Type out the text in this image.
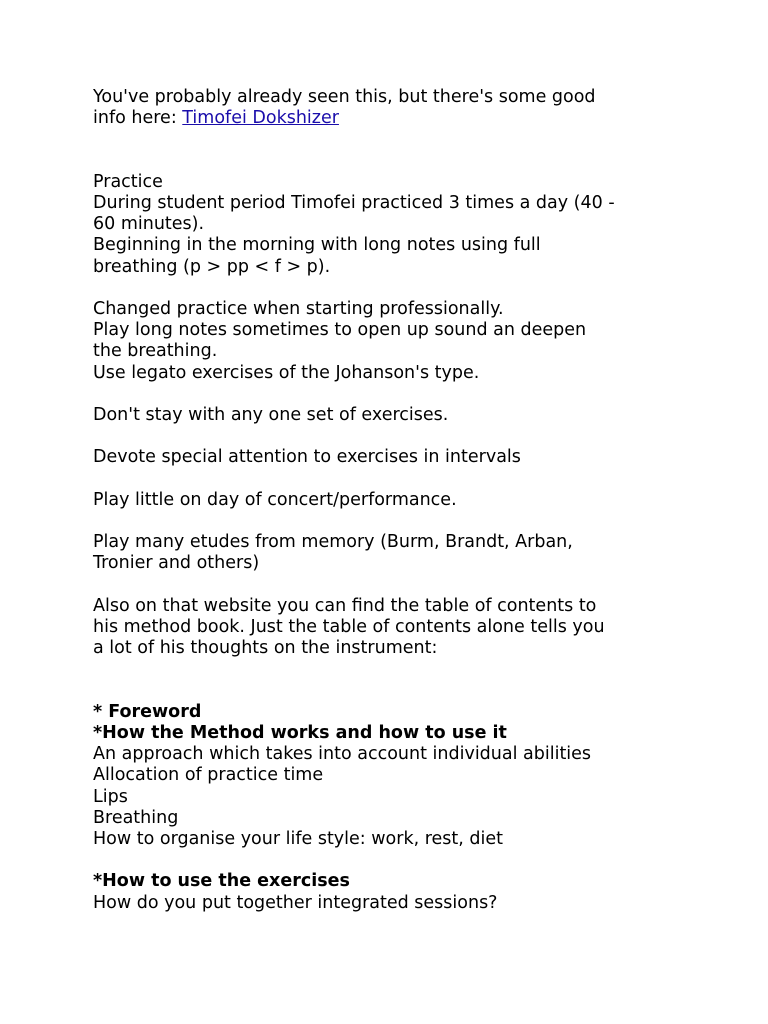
You've probably already seen this, but there's some good

info here: Timofei Dokshizer

Practice

During student period Timofei practiced 3 times a day (40 -

60 minutes).

Beginning in the morning with long notes using full

breathing (p > pp < f > p).

Changed practice when starting professionally.

Play long notes sometimes to open up sound an deepen

the breathing.

Use legato exercises of the Johanson's type.

Don't stay with any one set of exercises.

Devote special attention to exercises in intervals

Play little on day of concert/performance.

Play many etudes from memory (Burm, Brandt, Arban,

Tronier and others)

Also on that website you can find the table of contents to

his method book. Just the table of contents alone tells you

a lot of his thoughts on the instrument:

* Foreword

*How the Method works and how to use it

An approach which takes into account individual abilities

Allocation of practice time

Lips

Breathing

How to organise your life style: work, rest, diet

*How to use the exercises

How do you put together integrated sessions?
